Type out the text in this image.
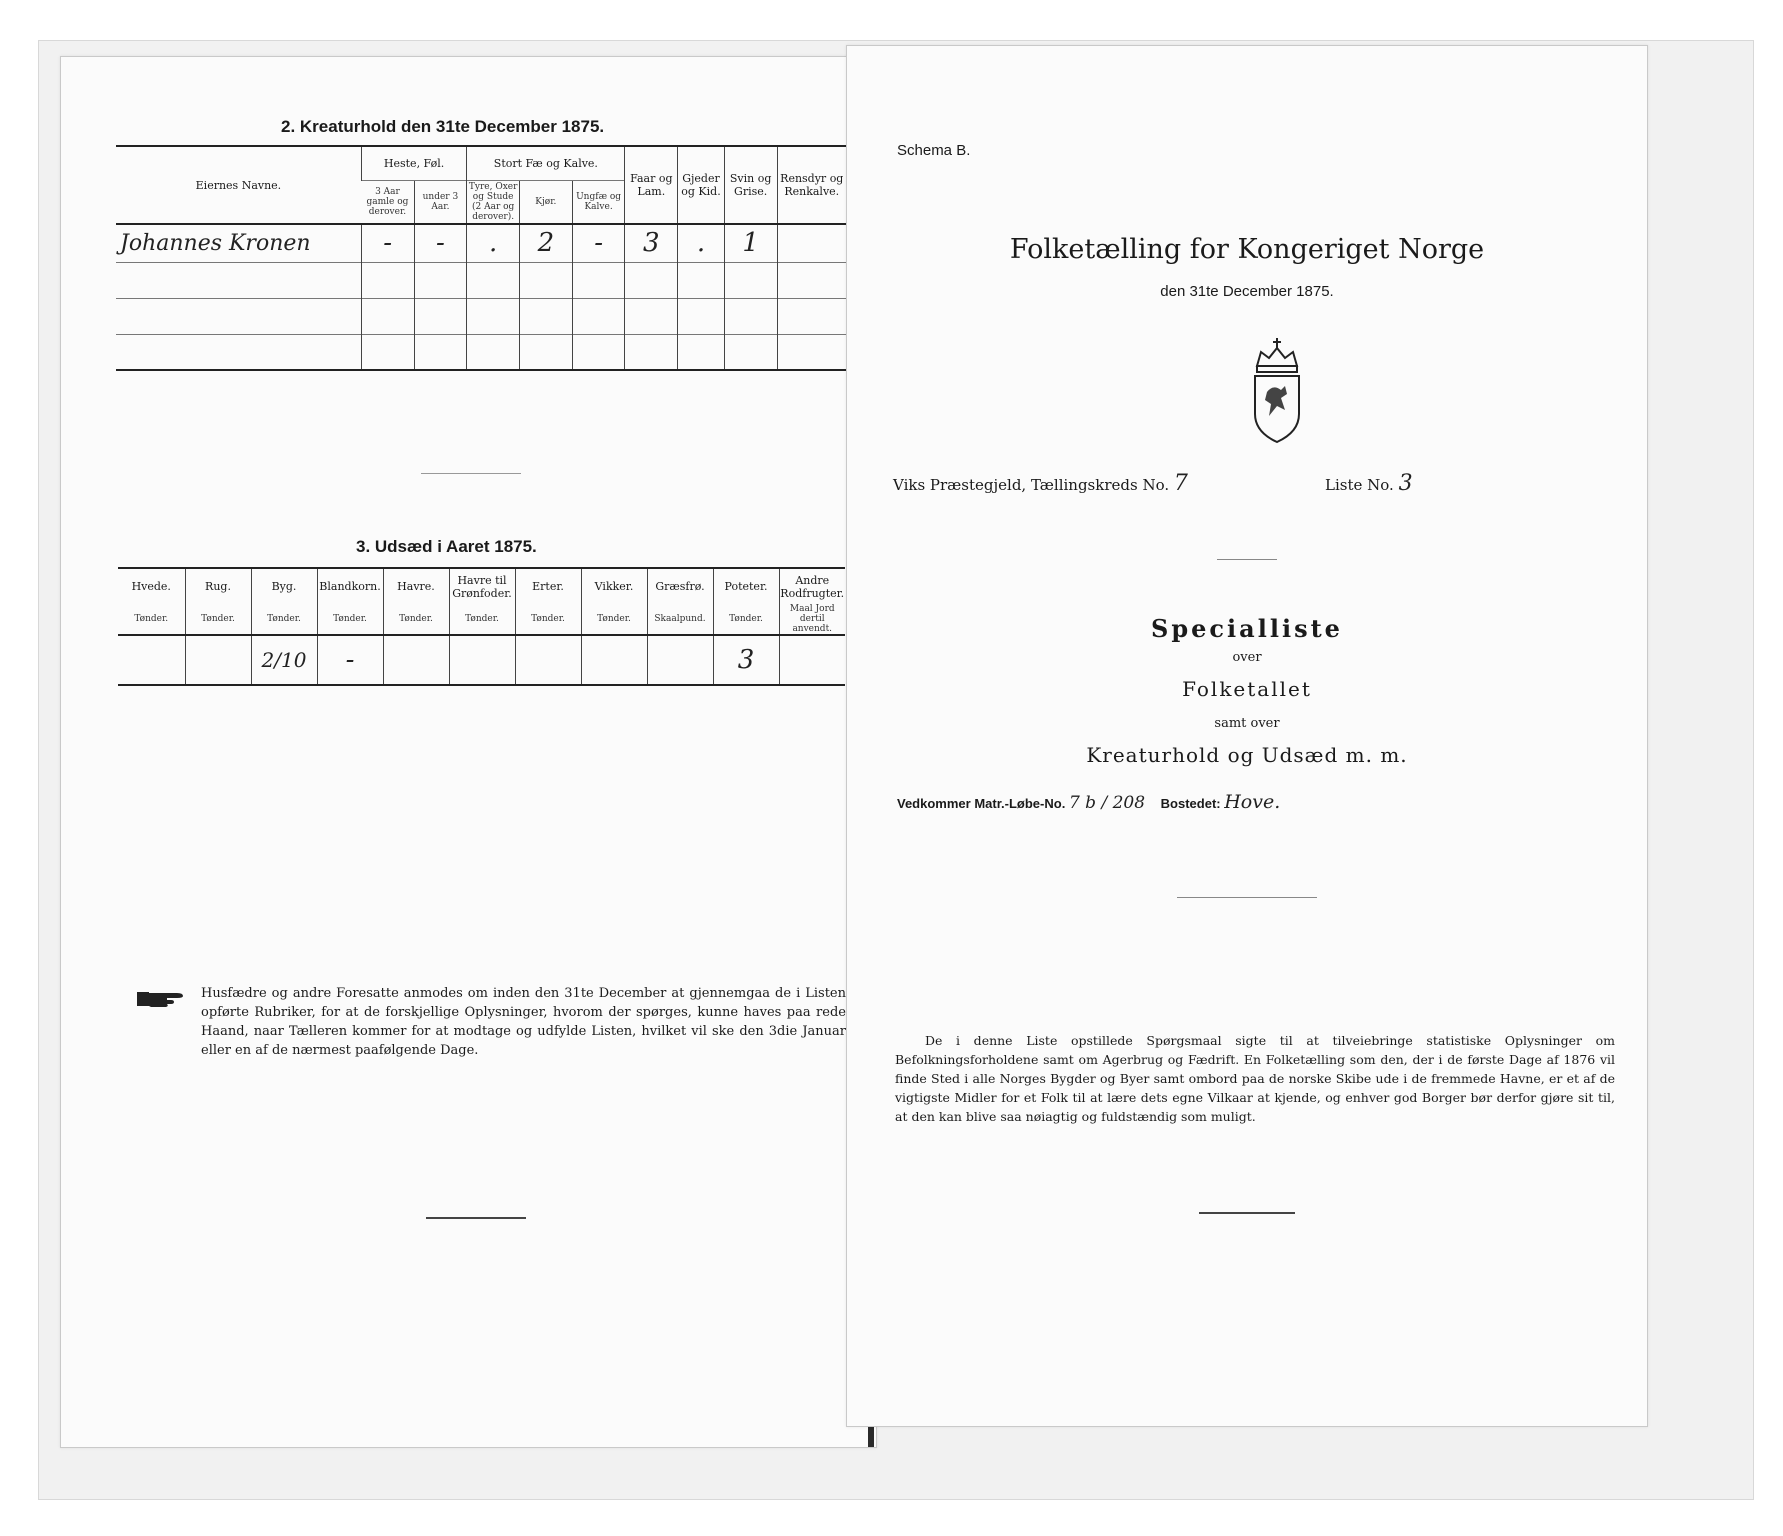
2. Kreaturhold den 31te December 1875.
Eiernes Navne.	Heste, Føl.		Stort Fæ og Kalve.			Faar og Lam.	Gjeder og Kid.	Svin og Grise.	Rensdyr og Renkalve.
	3 Aar gamle og derover.	under 3 Aar.	Tyre, Oxer og Stude (2 Aar og derover).	Kjør.	Ungfæ og Kalve.				
Johannes Kronen	-	-	.	2	-	3	.	1	

3. Udsæd i Aaret 1875.
Hvede.	Rug.	Byg.	Blandkorn.	Havre.	Havre til Grønfoder.	Erter.	Vikker.	Græsfrø.	Poteter.	Andre Rodfrugter.
Tønder.	Tønder.	Tønder.	Tønder.	Tønder.	Tønder.	Tønder.	Tønder.	Skaalpund.	Tønder.	Maal Jord dertil anvendt.
		2/10	-						3	
Husfædre og andre Foresatte anmodes om inden den 31te December at gjennemgaa de i Listen opførte Rubriker, for at de forskjellige Oplysninger, hvorom der spørges, kunne haves paa rede Haand, naar Tælleren kommer for at modtage og udfylde Listen, hvilket vil ske den 3die Januar eller en af de nærmest paafølgende Dage.
Schema B.
Folketælling for Kongeriget Norge
den 31te December 1875.
Viks Præstegjeld, Tællingskreds No. 7	Liste No. 3
Specialliste
over
Folketallet
samt over
Kreaturhold og Udsæd m. m.
Vedkommer Matr.-Løbe-No. 7 b / 208 Bostedet: Hove.
De i denne Liste opstillede Spørgsmaal sigte til at tilveiebringe statistiske Oplysninger om Befolkningsforholdene samt om Agerbrug og Fædrift. En Folketælling som den, der i de første Dage af 1876 vil finde Sted i alle Norges Bygder og Byer samt ombord paa de norske Skibe ude i de fremmede Havne, er et af de vigtigste Midler for et Folk til at lære dets egne Vilkaar at kjende, og enhver god Borger bør derfor gjøre sit til, at den kan blive saa nøiagtig og fuldstændig som muligt.
